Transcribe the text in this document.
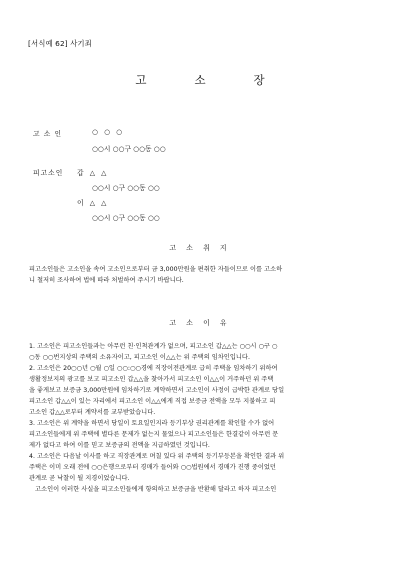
[서식예 62] 사기죄
고	소	장
고 소 인	○ ○ ○
○○시 ○○구 ○○동 ○○
피고소인 갑 △ △
○○시 ○구 ○○동 ○○
이 △ △
○○시 ○구 ○○동 ○○
고 소 취 지

피고소인들은 고소인을 속여 고소인으로부터 금 3,000만원을 편취한 자들이므로 이를 고소하

니 철저히 조사하여 법에 따라 처벌하여 주시기 바랍니다.

고 소 이 유

1. 고소인은 피고소인들과는 아무런 친·인척관계가 없으며, 피고소인 갑△△는 ○○시 ○구 ○

○동 ○○번지상의 주택의 소유자이고, 피고소인 이△△는 위 주택의 임차인입니다.

2. 고소인은 20○○년 ○월 ○일 ○○:○○경에 직장이전관계로 급히 주택을 임차하기 위하여

생활정보지의 광고를 보고 피고소인 갑△△을 찾아가서 피고소인 이△△이 거주하던 위 주택

을 좋게보고 보증금 3,000만원에 임차하기로 계약하면서 고소인이 사정이 급박한 관계로 당일

피고소인 갑△△이 있는 자리에서 피고소인 이△△에게 직접 보증금 전액을 모두 지불하고 피

고소인 갑△△로부터 계약서를 교부받았습니다.

3. 고소인은 위 계약을 하면서 당일이 토요일인지라 등기부상 권리관계를 확인할 수가 없어

피고소인들에게 위 주택에 별다른 문제가 없는지 물었으나 피고소인들은 한결같이 아무런 문

제가 없다고 하여 이를 믿고 보증금의 전액을 지급하였던 것입니다.

4. 고소인은 다음날 이사를 하고 직장관계로 며칠 있다 위 주택의 등기부등본을 확인한 결과 위

주택은 이미 오래 전에 ○○은행으로부터 경매가 들어와 ○○법원에서 경매가 진행 중이었던

관계로 곧 낙찰이 될 지경이었습니다.

고소인이 이러한 사실을 피고소인들에게 항의하고 보증금을 반환해 달라고 하자 피고소인
